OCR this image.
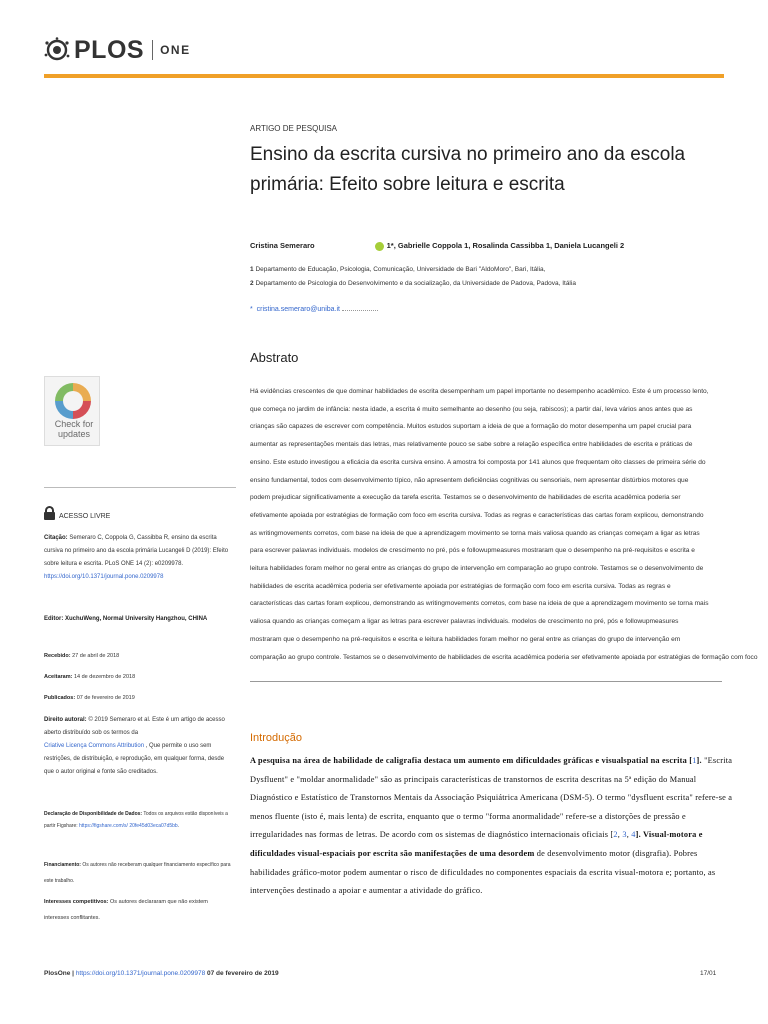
PLOS ONE
ARTIGO DE PESQUISA
Ensino da escrita cursiva no primeiro ano da escola
primária: Efeito sobre leitura e escrita
Cristina Semeraro	1*, Gabrielle Coppola 1, Rosalinda Cassibba 1, Daniela Lucangeli 2
1 Departamento de Educação, Psicologia, Comunicação, Universidade de Bari "AldoMoro", Bari, Itália,
2 Departamento de Psicologia do Desenvolvimento e da socialização, da Universidade de Padova, Padova, Itália
* cristina.semeraro@uniba.it
Abstrato
Há evidências crescentes de que dominar habilidades de escrita desempenham um papel importante no desempenho acadêmico. Este é um processo lento,
que começa no jardim de infância: nesta idade, a escrita é muito semelhante ao desenho (ou seja, rabiscos); a partir daí, leva vários anos antes que as
crianças são capazes de escrever com competência. Muitos estudos suportam a ideia de que a formação do motor desempenha um papel crucial para
aumentar as representações mentais das letras, mas relativamente pouco se sabe sobre a relação específica entre habilidades de escrita e práticas de
ensino. Este estudo investigou a eficácia da escrita cursiva ensino. A amostra foi composta por 141 alunos que frequentam oito classes de primeira série do
ensino fundamental, todos com desenvolvimento típico, não apresentem deficiências cognitivas ou sensoriais, nem apresentar distúrbios motores que
podem prejudicar significativamente a execução da tarefa escrita. Testamos se o desenvolvimento de habilidades de escrita acadêmica poderia ser
efetivamente apoiada por estratégias de formação com foco em escrita cursiva. Todas as regras e características das cartas foram explicou, demonstrando
as writingmovements corretos, com base na ideia de que a aprendizagem movimento se torna mais valiosa quando as crianças começam a ligar as letras
para escrever palavras individuais. modelos de crescimento no pré, pós e followupmeasures mostraram que o desempenho na pré-requisitos e escrita e
leitura habilidades foram melhor no geral entre as crianças do grupo de intervenção em comparação ao grupo controle. Testamos se o desenvolvimento de
habilidades de escrita acadêmica poderia ser efetivamente apoiada por estratégias de formação com foco em escrita cursiva. Todas as regras e
características das cartas foram explicou, demonstrando as writingmovements corretos, com base na ideia de que a aprendizagem movimento se torna mais
valiosa quando as crianças começam a ligar as letras para escrever palavras individuais. modelos de crescimento no pré, pós e followupmeasures
mostraram que o desempenho na pré-requisitos e escrita e leitura habilidades foram melhor no geral entre as crianças do grupo de intervenção em
comparação ao grupo controle. Testamos se o desenvolvimento de habilidades de escrita acadêmica poderia ser efetivamente apoiada por estratégias de formação com foco
Introdução
A pesquisa na área de habilidade de caligrafia destaca um aumento em dificuldades gráficas e visualspatial na escrita [1]. "Escrita Dysfluent" e "moldar anormalidade" são as principais características de transtornos de escrita descritas na 5ª edição do Manual Diagnóstico e Estatístico de Transtornos Mentais da Associação Psiquiátrica Americana (DSM-5). O termo "dysfluent escrita" refere-se a menos fluente (isto é, mais lenta) de escrita, enquanto que o termo "forma anormalidade" refere-se a distorções de pressão e irregularidades nas formas de letras. De acordo com os sistemas de diagnóstico internacionais oficiais [2, 3, 4]. Visual-motora e dificuldades visual-espaciais por escrita são manifestações de uma desordem de desenvolvimento motor (disgrafia). Pobres habilidades gráfico-motor podem aumentar o risco de dificuldades no componentes espaciais da escrita visual-motora e; portanto, as intervenções destinado a apoiar e aumentar a atividade do gráfico.
Check for updates
ACESSO LIVRE
Citação: Semeraro C, Coppola G, Cassibba R, ensino da escrita cursiva no primeiro ano da escola primária Lucangeli D (2019): Efeito sobre leitura e escrita. PLoS ONE 14 (2): e0209978.
https://doi.org/10.1371/journal.pone.0209978
Editor: XuchuWeng, Normal University Hangzhou, CHINA
Recebido: 27 de abril de 2018
Aceitaram: 14 de dezembro de 2018
Publicados: 07 de fevereiro de 2019
Direito autoral: © 2019 Semeraro et al. Este é um artigo de acesso aberto distribuído sob os termos da
Criative Licença Commons Attribution , Que permite o uso sem restrições, de distribuição, e reprodução, em qualquer forma, desde que o autor original e fonte são creditados.
Declaração de Disponibilidade de Dados: Todos os arquivos estão disponíveis a partir Figshare: https://figshare.com/s/ 20fe45d03eca07d5bb.
Financiamento: Os autores não receberam qualquer financiamento específico para este trabalho.
Interesses competitivos: Os autores declararam que não existem interesses conflitantes.
PlosOne | https://doi.org/10.1371/journal.pone.0209978 07 de fevereiro de 2019	17/01
